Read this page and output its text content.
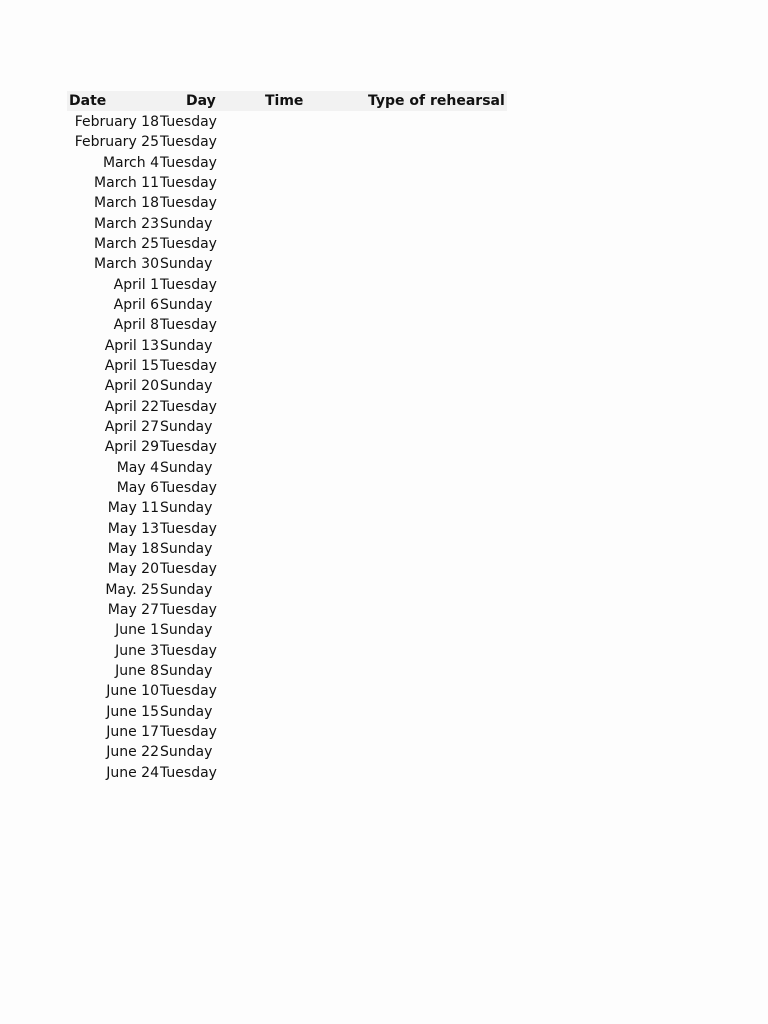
Date	Day	Time	Type of rehearsal
February 18 Tuesday
February 25 Tuesday
March 4 Tuesday
March 11 Tuesday
March 18 Tuesday
March 23 Sunday
March 25 Tuesday
March 30 Sunday
April 1 Tuesday
April 6 Sunday
April 8 Tuesday
April 13 Sunday
April 15 Tuesday
April 20 Sunday
April 22 Tuesday
April 27 Sunday
April 29 Tuesday
May 4 Sunday
May 6 Tuesday
May 11 Sunday
May 13 Tuesday
May 18 Sunday
May 20 Tuesday
May. 25 Sunday
May 27 Tuesday
June 1 Sunday
June 3 Tuesday
June 8 Sunday
June 10 Tuesday
June 15 Sunday
June 17 Tuesday
June 22 Sunday
June 24 Tuesday
